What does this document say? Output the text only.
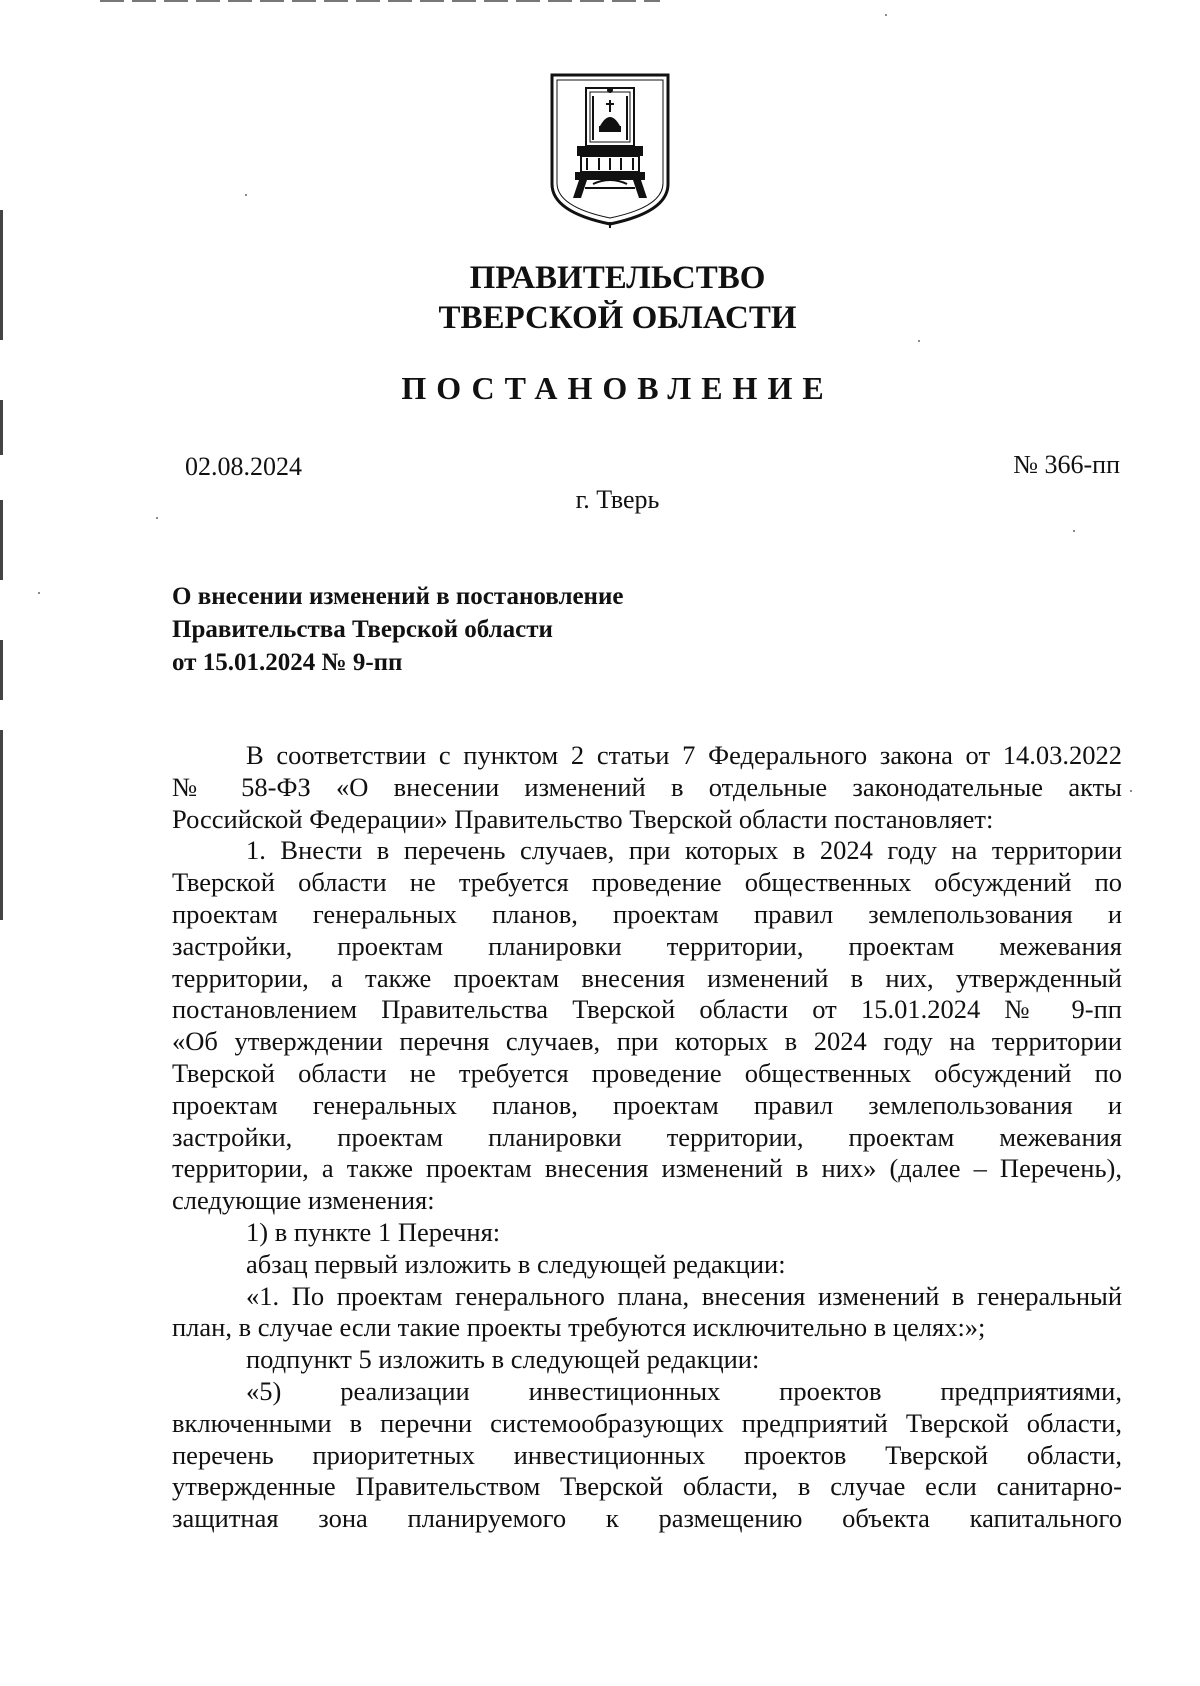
ПРАВИТЕЛЬСТВО
ТВЕРСКОЙ ОБЛАСТИ
ПОСТАНОВЛЕНИЕ
02.08.2024	№ 366-пп
г. Тверь
О внесении изменений в постановление
Правительства Тверской области
от 15.01.2024 № 9-пп
В соответствии с пунктом 2 статьи 7 Федерального закона от 14.03.2022
№ 58-ФЗ «О внесении изменений в отдельные законодательные акты
Российской Федерации» Правительство Тверской области постановляет:
1. Внести в перечень случаев, при которых в 2024 году на территории
Тверской области не требуется проведение общественных обсуждений по
проектам генеральных планов, проектам правил землепользования и
застройки, проектам планировки территории, проектам межевания
территории, а также проектам внесения изменений в них, утвержденный
постановлением Правительства Тверской области от 15.01.2024 № 9-пп
«Об утверждении перечня случаев, при которых в 2024 году на территории
Тверской области не требуется проведение общественных обсуждений по
проектам генеральных планов, проектам правил землепользования и
застройки, проектам планировки территории, проектам межевания
территории, а также проектам внесения изменений в них» (далее – Перечень),
следующие изменения:
1) в пункте 1 Перечня:
абзац первый изложить в следующей редакции:
«1. По проектам генерального плана, внесения изменений в генеральный
план, в случае если такие проекты требуются исключительно в целях:»;
подпункт 5 изложить в следующей редакции:
«5) реализации инвестиционных проектов предприятиями,
включенными в перечни системообразующих предприятий Тверской области,
перечень приоритетных инвестиционных проектов Тверской области,
утвержденные Правительством Тверской области, в случае если санитарно-
защитная зона планируемого к размещению объекта капитального
